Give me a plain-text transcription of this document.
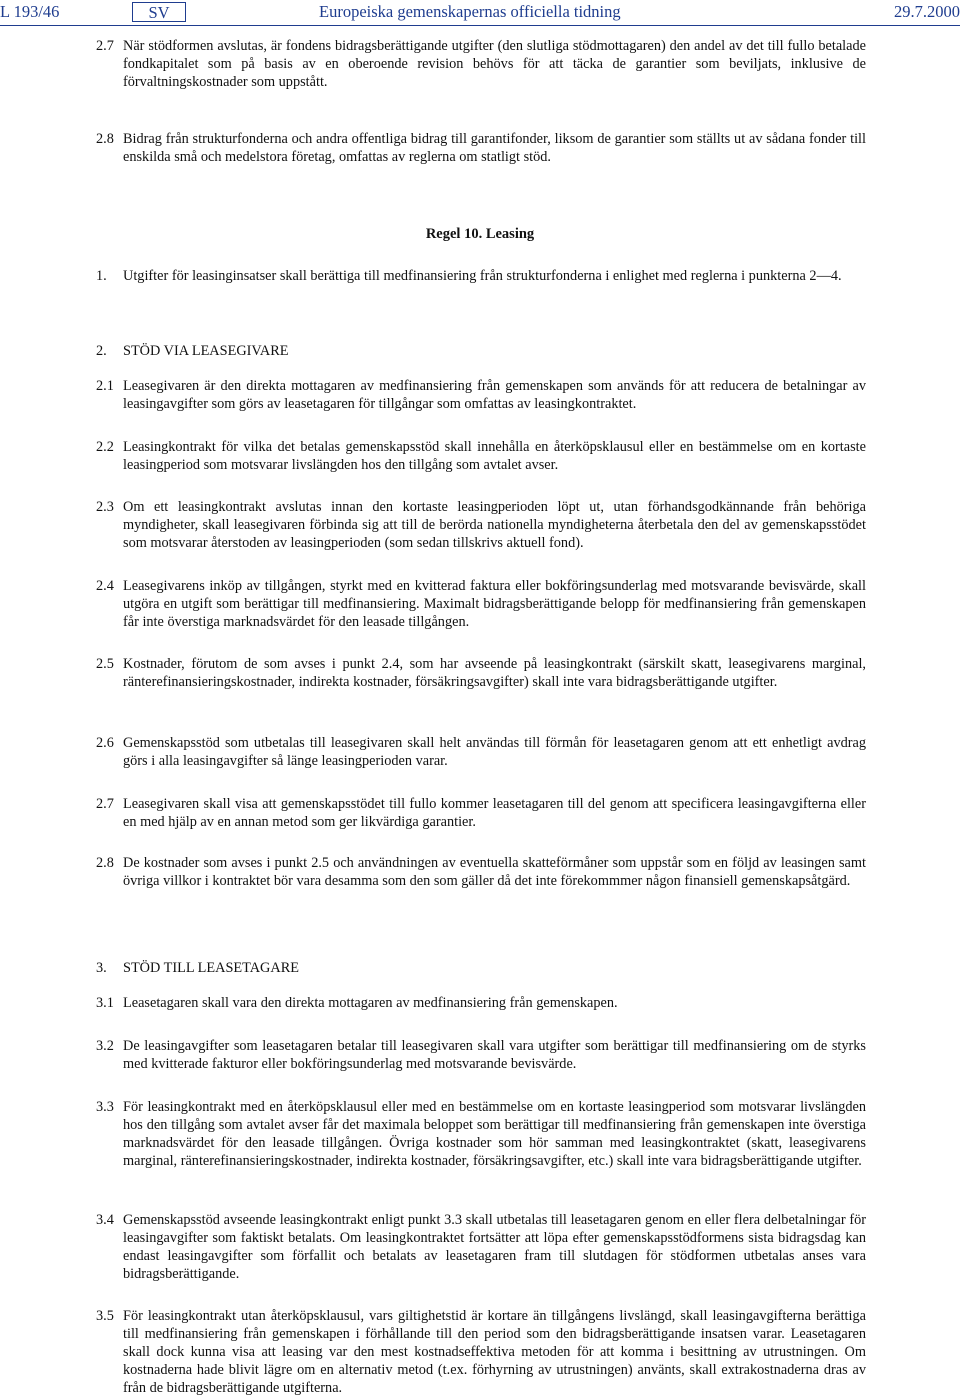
L 193/46	SV	Europeiska gemenskapernas officiella tidning	29.7.2000
2.7 När stödformen avslutas, är fondens bidragsberättigande utgifter (den slutliga stödmottagaren) den andel av det till fullo betalade fondkapitalet som på basis av en oberoende revision behövs för att täcka de garantier som beviljats, inklusive de förvaltningskostnader som uppstått.
2.8 Bidrag från strukturfonderna och andra offentliga bidrag till garantifonder, liksom de garantier som ställts ut av sådana fonder till enskilda små och medelstora företag, omfattas av reglerna om statligt stöd.
Regel 10. Leasing
1. Utgifter för leasinginsatser skall berättiga till medfinansiering från strukturfonderna i enlighet med reglerna i punkterna 2—4.
2. STÖD VIA LEASEGIVARE
2.1 Leasegivaren är den direkta mottagaren av medfinansiering från gemenskapen som används för att reducera de betalningar av leasingavgifter som görs av leasetagaren för tillgångar som omfattas av leasingkontraktet.
2.2 Leasingkontrakt för vilka det betalas gemenskapsstöd skall innehålla en återköpsklausul eller en bestämmelse om en kortaste leasingperiod som motsvarar livslängden hos den tillgång som avtalet avser.
2.3 Om ett leasingkontrakt avslutas innan den kortaste leasingperioden löpt ut, utan förhandsgodkännande från behöriga myndigheter, skall leasegivaren förbinda sig att till de berörda nationella myndigheterna återbetala den del av gemenskapsstödet som motsvarar återstoden av leasingperioden (som sedan tillskrivs aktuell fond).
2.4 Leasegivarens inköp av tillgången, styrkt med en kvitterad faktura eller bokföringsunderlag med motsvarande bevisvärde, skall utgöra en utgift som berättigar till medfinansiering. Maximalt bidragsberättigande belopp för medfinansiering från gemenskapen får inte överstiga marknadsvärdet för den leasade tillgången.
2.5 Kostnader, förutom de som avses i punkt 2.4, som har avseende på leasingkontrakt (särskilt skatt, leasegivarens marginal, ränterefinansieringskostnader, indirekta kostnader, försäkringsavgifter) skall inte vara bidragsberättigande utgifter.
2.6 Gemenskapsstöd som utbetalas till leasegivaren skall helt användas till förmån för leasetagaren genom att ett enhetligt avdrag görs i alla leasingavgifter så länge leasingperioden varar.
2.7 Leasegivaren skall visa att gemenskapsstödet till fullo kommer leasetagaren till del genom att specificera leasingavgifterna eller en med hjälp av en annan metod som ger likvärdiga garantier.
2.8 De kostnader som avses i punkt 2.5 och användningen av eventuella skatteförmåner som uppstår som en följd av leasingen samt övriga villkor i kontraktet bör vara desamma som den som gäller då det inte förekommmer någon finansiell gemenskapsåtgärd.
3. STÖD TILL LEASETAGARE
3.1 Leasetagaren skall vara den direkta mottagaren av medfinansiering från gemenskapen.
3.2 De leasingavgifter som leasetagaren betalar till leasegivaren skall vara utgifter som berättigar till medfinansiering om de styrks med kvitterade fakturor eller bokföringsunderlag med motsvarande bevisvärde.
3.3 För leasingkontrakt med en återköpsklausul eller med en bestämmelse om en kortaste leasingperiod som motsvarar livslängden hos den tillgång som avtalet avser får det maximala beloppet som berättigar till medfinansiering från gemenskapen inte överstiga marknadsvärdet för den leasade tillgången. Övriga kostnader som hör samman med leasingkontraktet (skatt, leasegivarens marginal, ränterefinansieringskostnader, indirekta kostnader, försäkringsavgifter, etc.) skall inte vara bidragsberättigande utgifter.
3.4 Gemenskapsstöd avseende leasingkontrakt enligt punkt 3.3 skall utbetalas till leasetagaren genom en eller flera delbetalningar för leasingavgifter som faktiskt betalats. Om leasingkontraktet fortsätter att löpa efter gemenskapsstödformens sista bidragsdag kan endast leasingavgifter som förfallit och betalats av leasetagaren fram till slutdagen för stödformen utbetalas anses vara bidragsberättigande.
3.5 För leasingkontrakt utan återköpsklausul, vars giltighetstid är kortare än tillgångens livslängd, skall leasingavgifterna berättiga till medfinansiering från gemenskapen i förhållande till den period som den bidragsberättigande insatsen varar. Leasetagaren skall dock kunna visa att leasing var den mest kostnadseffektiva metoden för att komma i besittning av utrustningen. Om kostnaderna hade blivit lägre om en alternativ metod (t.ex. förhyrning av utrustningen) använts, skall extrakostnaderna dras av från de bidragsberättigande utgifterna.
